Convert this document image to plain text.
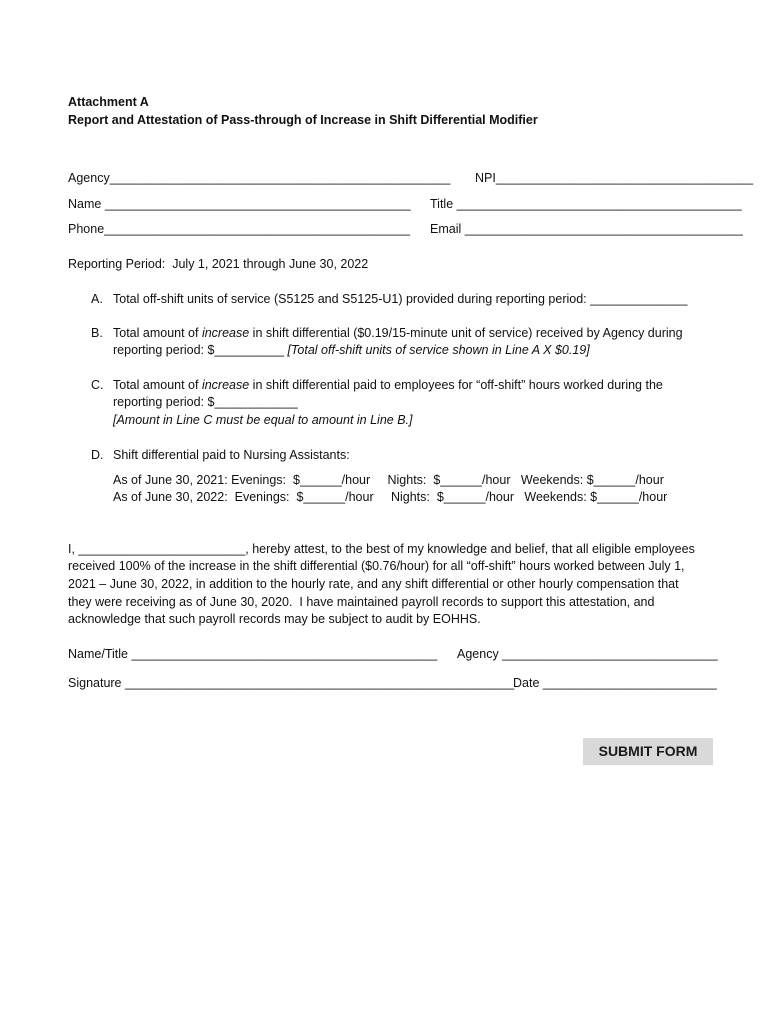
Attachment A
Report and Attestation of Pass-through of Increase in Shift Differential Modifier
Agency_________________________________________________ NPI_____________________________________
Name ____________________________________________ Title _________________________________________
Phone____________________________________________ Email ________________________________________
Reporting Period:  July 1, 2021 through June 30, 2022
A. Total off-shift units of service (S5125 and S5125-U1) provided during reporting period: ______________
B. Total amount of increase in shift differential ($0.19/15-minute unit of service) received by Agency during
reporting period: $__________ [Total off-shift units of service shown in Line A X $0.19]
C. Total amount of increase in shift differential paid to employees for “off-shift” hours worked during the
reporting period: $____________
[Amount in Line C must be equal to amount in Line B.]
D. Shift differential paid to Nursing Assistants:
As of June 30, 2021: Evenings:  $______/hour     Nights:  $______/hour   Weekends: $______/hour
As of June 30, 2022:  Evenings:  $______/hour     Nights:  $______/hour   Weekends: $______/hour
I, ________________________, hereby attest, to the best of my knowledge and belief, that all eligible employees
received 100% of the increase in the shift differential ($0.76/hour) for all “off-shift” hours worked between July 1,
2021 – June 30, 2022, in addition to the hourly rate, and any shift differential or other hourly compensation that
they were receiving as of June 30, 2020.  I have maintained payroll records to support this attestation, and
acknowledge that such payroll records may be subject to audit by EOHHS.
Name/Title ____________________________________________ Agency _______________________________
Signature ________________________________________________________
Date _________________________
SUBMIT FORM
